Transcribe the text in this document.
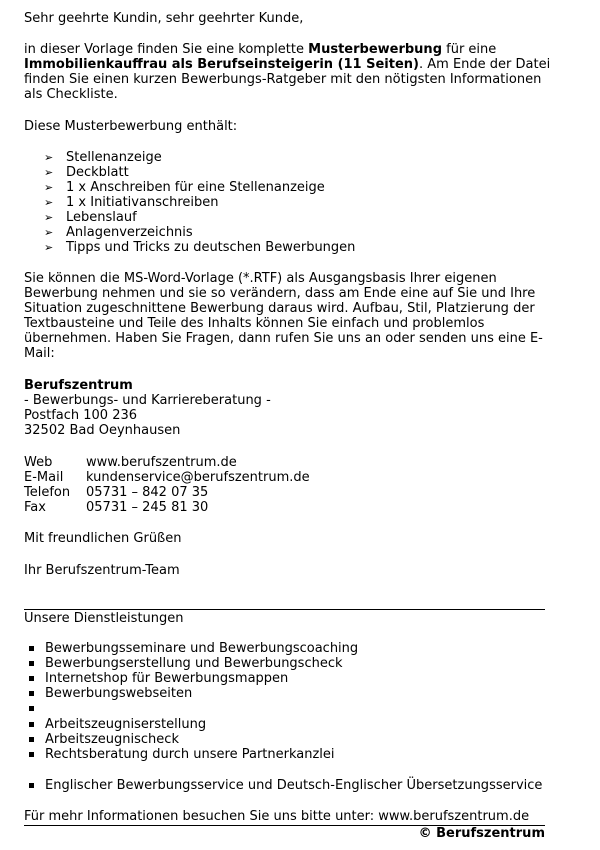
Sehr geehrte Kundin, sehr geehrter Kunde,
in dieser Vorlage finden Sie eine komplette Musterbewerbung für eine
Immobilienkauffrau als Berufseinsteigerin (11 Seiten). Am Ende der Datei
finden Sie einen kurzen Bewerbungs-Ratgeber mit den nötigsten Informationen
als Checkliste.
Diese Musterbewerbung enthält:
➢ Stellenanzeige
➢ Deckblatt
➢ 1 x Anschreiben für eine Stellenanzeige
➢ 1 x Initiativanschreiben
➢ Lebenslauf
➢ Anlagenverzeichnis
➢ Tipps und Tricks zu deutschen Bewerbungen
Sie können die MS-Word-Vorlage (*.RTF) als Ausgangsbasis Ihrer eigenen
Bewerbung nehmen und sie so verändern, dass am Ende eine auf Sie und Ihre
Situation zugeschnittene Bewerbung daraus wird. Aufbau, Stil, Platzierung der
Textbausteine und Teile des Inhalts können Sie einfach und problemlos
übernehmen. Haben Sie Fragen, dann rufen Sie uns an oder senden uns eine E-
Mail:
Berufszentrum
- Bewerbungs- und Karriereberatung -
Postfach 100 236
32502 Bad Oeynhausen
Web	www.berufszentrum.de
E-Mail kundenservice@berufszentrum.de
Telefon 05731 – 842 07 35
Fax	05731 – 245 81 30
Mit freundlichen Grüßen
Ihr Berufszentrum-Team
Unsere Dienstleistungen
Bewerbungsseminare und Bewerbungscoaching
Bewerbungserstellung und Bewerbungscheck
Internetshop für Bewerbungsmappen
Bewerbungswebseiten
Arbeitszeugniserstellung
Arbeitszeugnischeck
Rechtsberatung durch unsere Partnerkanzlei
Englischer Bewerbungsservice und Deutsch-Englischer Übersetzungsservice
Für mehr Informationen besuchen Sie uns bitte unter: www.berufszentrum.de
© Berufszentrum
